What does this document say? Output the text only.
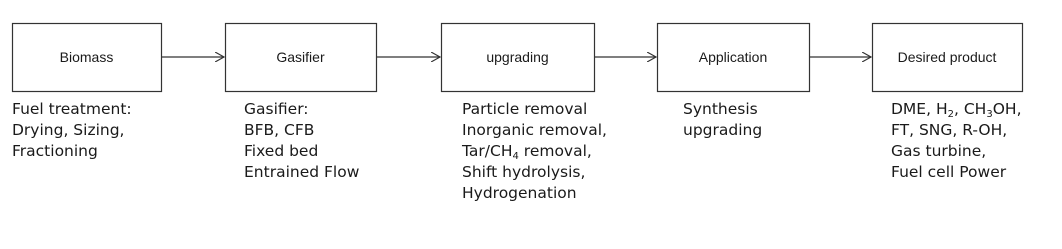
Biomass	Gasifier	upgrading	Application	Desired product
Fuel treatment:
Drying, Sizing,
Fractioning
Gasifier:
BFB, CFB
Fixed bed
Entrained Flow
Particle removal
Inorganic removal,
Tar/$CH_4$ removal,
Shift hydrolysis,
Hydrogenation
Synthesis
upgrading
DME, $H_2$, $CH_3OH$,
FT, SNG, R-OH,
Gas turbine,
Fuel cell Power
